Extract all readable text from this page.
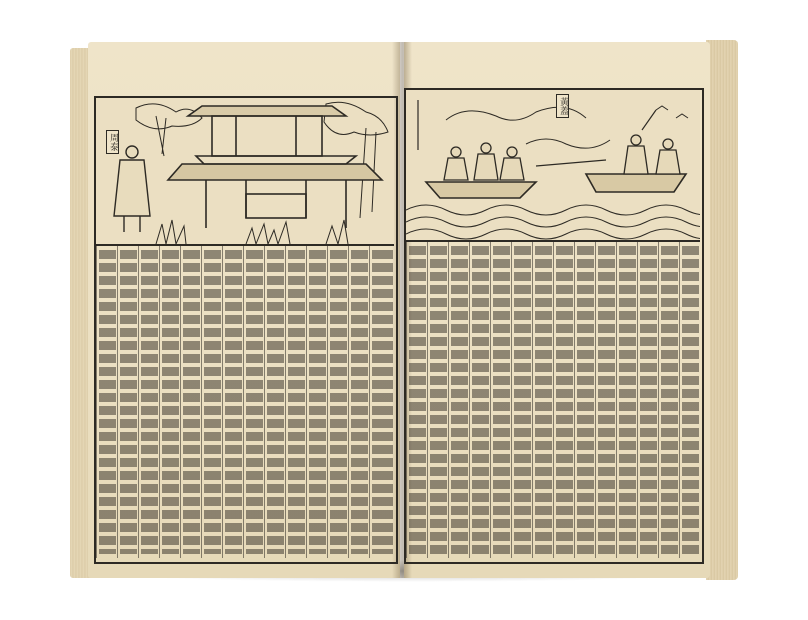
周泰
黃蓋
